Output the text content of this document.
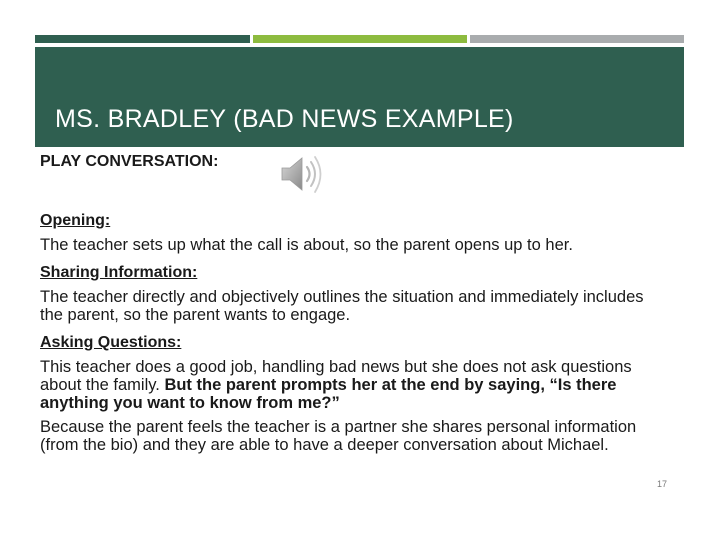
MS. BRADLEY (BAD NEWS EXAMPLE)
PLAY CONVERSATION:
Opening:
The teacher sets up what the call is about, so the parent opens up to her.
Sharing Information:
The teacher directly and objectively outlines the situation and immediately includes the parent, so the parent wants to engage.
Asking Questions:
This teacher does a good job, handling bad news but she does not ask questions about the family. But the parent prompts her at the end by saying, “Is there anything you want to know from me?”
Because the parent feels the teacher is a partner she shares personal information (from the bio) and they are able to have a deeper conversation about Michael.
17
